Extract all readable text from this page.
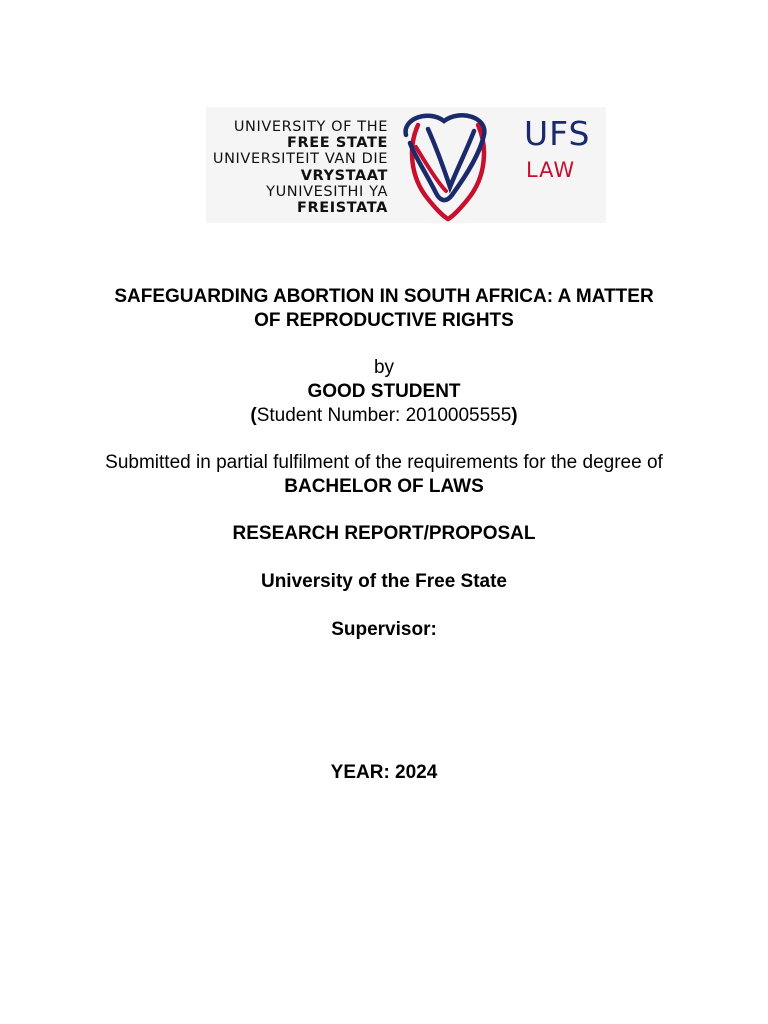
UNIVERSITY OF THE
FREE STATE
UNIVERSITEIT VAN DIE
VRYSTAAT
YUNIVESITHI YA
FREISTATA
UFS
LAW
SAFEGUARDING ABORTION IN SOUTH AFRICA: A MATTER
OF REPRODUCTIVE RIGHTS
by
GOOD STUDENT
(Student Number: 2010005555)
Submitted in partial fulfilment of the requirements for the degree of
BACHELOR OF LAWS
RESEARCH REPORT/PROPOSAL
University of the Free State
Supervisor:
YEAR: 2024
